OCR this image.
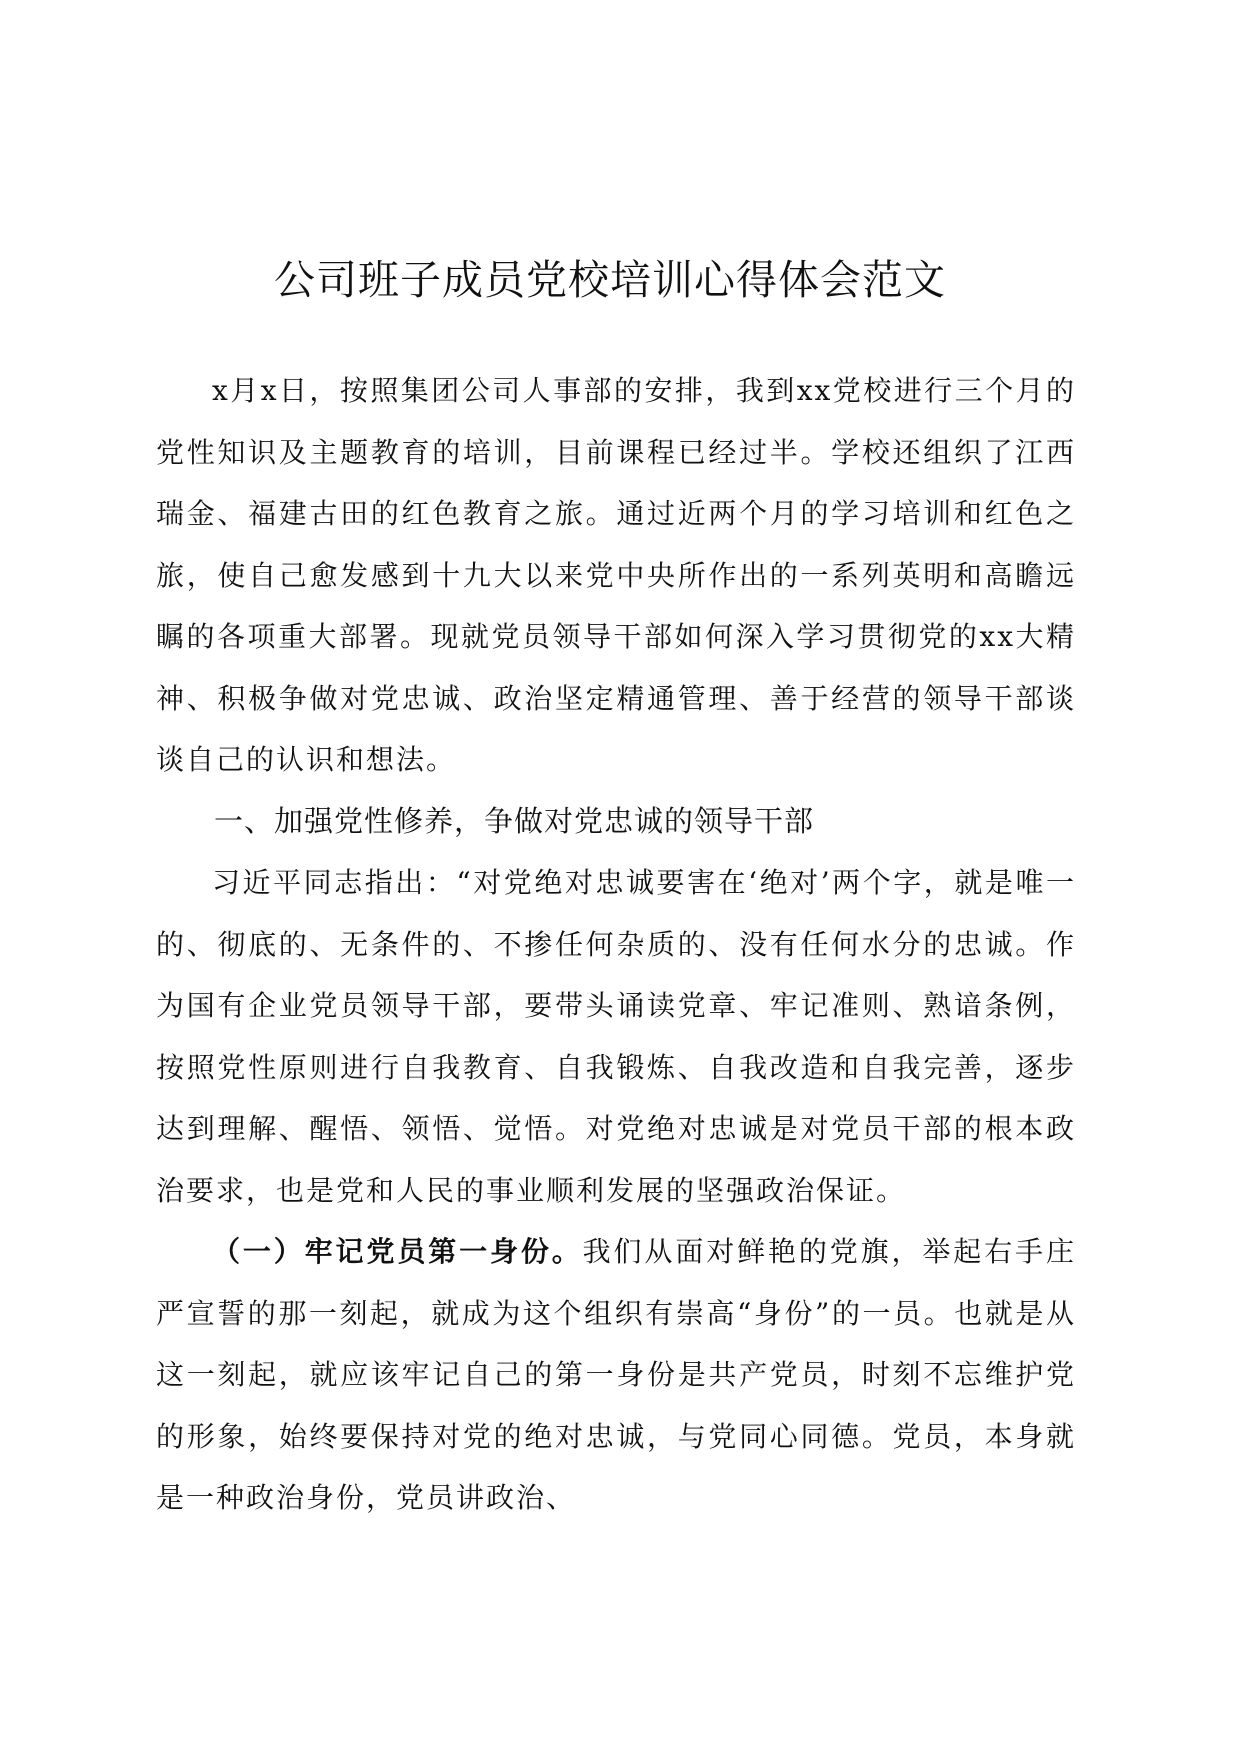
公司班子成员党校培训心得体会范文

x月x日，按照集团公司人事部的安排，我到xx党校进行三个月的党性知识及主题教育的培训，目前课程已经过半。学校还组织了江西瑞金、福建古田的红色教育之旅。通过近两个月的学习培训和红色之旅，使自己愈发感到十九大以来党中央所作出的一系列英明和高瞻远瞩的各项重大部署。现就党员领导干部如何深入学习贯彻党的xx大精神、积极争做对党忠诚、政治坚定精通管理、善于经营的领导干部谈谈自己的认识和想法。

一、加强党性修养，争做对党忠诚的领导干部

习近平同志指出：“对党绝对忠诚要害在‘绝对’两个字，就是唯一的、彻底的、无条件的、不掺任何杂质的、没有任何水分的忠诚。作为国有企业党员领导干部，要带头诵读党章、牢记准则、熟谙条例，按照党性原则进行自我教育、自我锻炼、自我改造和自我完善，逐步达到理解、醒悟、领悟、觉悟。对党绝对忠诚是对党员干部的根本政治要求，也是党和人民的事业顺利发展的坚强政治保证。

（一）牢记党员第一身份。我们从面对鲜艳的党旗，举起右手庄严宣誓的那一刻起，就成为这个组织有崇高“身份”的一员。也就是从这一刻起，就应该牢记自己的第一身份是共产党员，时刻不忘维护党的形象，始终要保持对党的绝对忠诚，与党同心同德。党员，本身就是一种政治身份，党员讲政治、
